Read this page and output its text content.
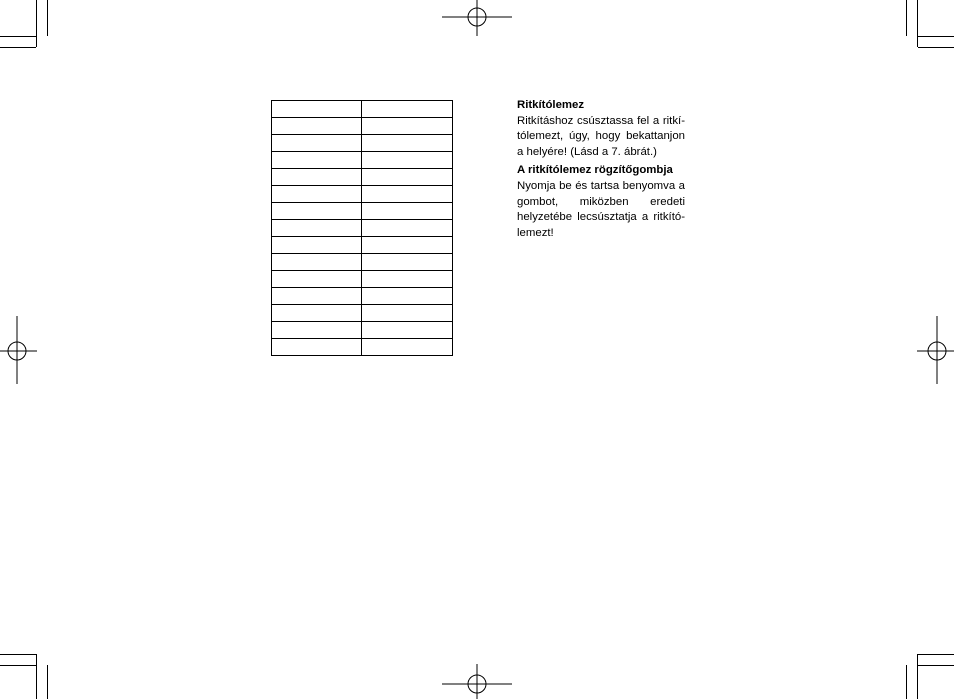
Ritkítólemez

Ritkításhoz csúsztassa fel a ritkítólemezt, úgy, hogy bekattanjon a helyére! (Lásd a 7. ábrát.)

A ritkítólemez rögzítőgombja

Nyomja be és tartsa benyomva a gombot, miközben eredeti helyzetébe lecsúsztatja a ritkítólemezt!
